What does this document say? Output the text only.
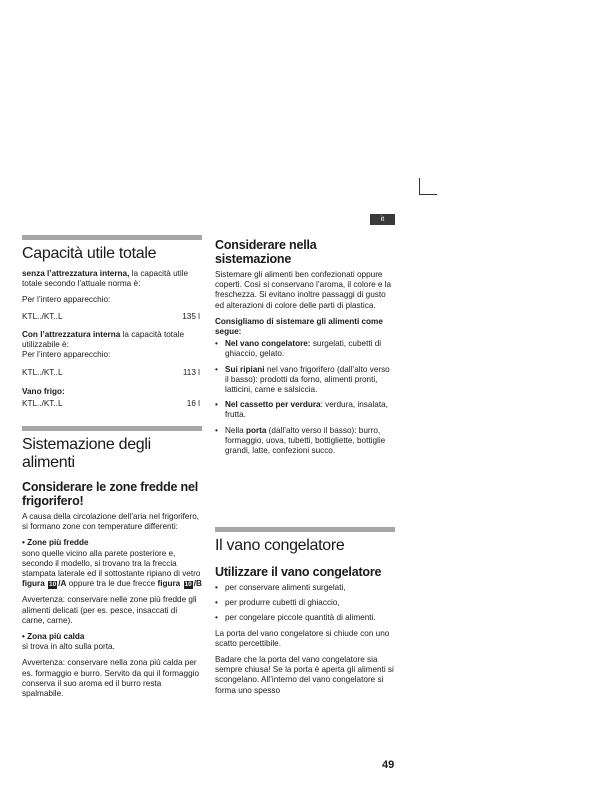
it
Capacità utile totale

senza l’attrezzatura interna, la capacità utile totale secondo l’attuale norma è:

Per l’intero apparecchio:

KTL../KT..L	135 l

Con l’attrezzatura interna la capacità totale utilizzabile è:

Per l’intero apparecchio:

KTL../KT..L	113 l

Vano frigo:

KTL../KT..L	16 l
Sistemazione degli alimenti
Considerare le zone fredde nel frigorifero!

A causa della circolazione dell’aria nel frigorifero, si formano zone con temperature differenti:

• Zone più fredde

sono quelle vicino alla parete posteriore e, secondo il modello, si trovano tra la freccia stampata laterale ed il sottostante ripiano di vetro figura 10 /A oppure tra le due frecce figura 10 /B

Avvertenza: conservare nelle zone più fredde gli alimenti delicati (per es. pesce, insaccati di carne, carne).

• Zona più calda

si trova in alto sulla porta.

Avvertenza: conservare nella zona più calda per es. formaggio e burro. Servito da qui il formaggio conserva il suo aroma ed il burro resta spalmabile.

Considerare nella sistemazione

Sistemare gli alimenti ben confezionati oppure coperti. Così si conservano l’aroma, il colore e la freschezza. Si evitano inoltre passaggi di gusto ed alterazioni di colore delle parti di plastica.

Consigliamo di sistemare gli alimenti come segue:

• Nel vano congelatore: surgelati, cubetti di ghiaccio, gelato.
• Sui ripiani nel vano frigorifero (dall’alto verso il basso): prodotti da forno, alimenti pronti, latticini, carne e salsiccia.
• Nel cassetto per verdura: verdura, insalata, frutta.
• Nella porta (dall’alto verso il basso): burro, formaggio, uova, tubetti, bottigliette, bottiglie grandi, latte, confezioni succo.
Il vano congelatore
Utilizzare il vano congelatore
• per conservare alimenti surgelati,
• per produrre cubetti di ghiaccio,
• per congelare piccole quantità di alimenti.

La porta del vano congelatore si chiude con uno scatto percettibile.

Badare che la porta del vano congelatore sia sempre chiusa! Se la porta è aperta gli alimenti si scongelano. All’interno del vano congelatore si forma uno spesso

49
